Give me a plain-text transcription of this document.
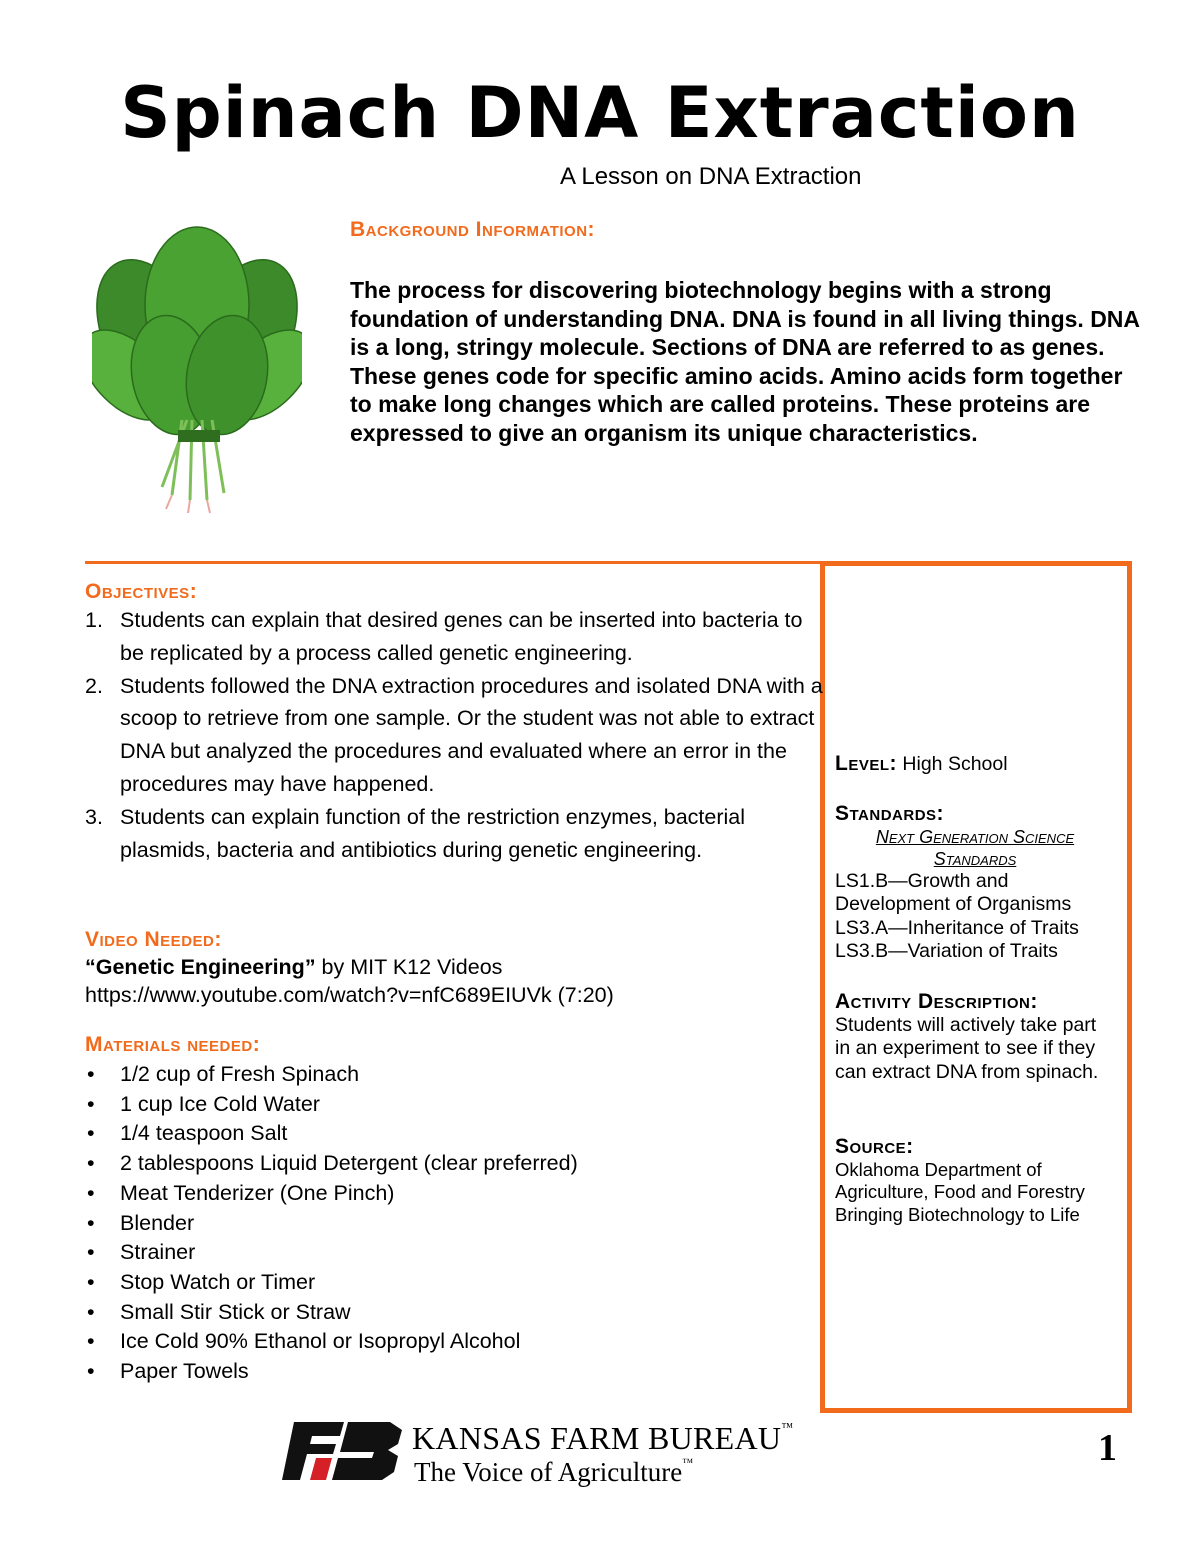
Spinach DNA Extraction
A Lesson on DNA Extraction
Background Information:
The process for discovering biotechnology begins with a strong foundation of understanding DNA. DNA is found in all living things. DNA is a long, stringy molecule. Sections of DNA are referred to as genes. These genes code for specific amino acids. Amino acids form together to make long changes which are called proteins. These proteins are expressed to give an organism its unique characteristics.
Objectives:
1. Students can explain that desired genes can be inserted into bacteria to be replicated by a process called genetic engineering.
2. Students followed the DNA extraction procedures and isolated DNA with a scoop to retrieve from one sample. Or the student was not able to extract DNA but analyzed the procedures and evaluated where an error in the procedures may have happened.
3. Students can explain function of the restriction enzymes, bacterial plasmids, bacteria and antibiotics during genetic engineering.
Video Needed:
“Genetic Engineering” by MIT K12 Videos
https://www.youtube.com/watch?v=nfC689EIUVk (7:20)
Materials needed:
• 1/2 cup of Fresh Spinach
• 1 cup Ice Cold Water
• 1/4 teaspoon Salt
• 2 tablespoons Liquid Detergent (clear preferred)
• Meat Tenderizer (One Pinch)
• Blender
• Strainer
• Stop Watch or Timer
• Small Stir Stick or Straw
• Ice Cold 90% Ethanol or Isopropyl Alcohol
• Paper Towels
Level: High School
Standards:
Next Generation Science
Standards
LS1.B—Growth and Development of Organisms
LS3.A—Inheritance of Traits
LS3.B—Variation of Traits
Activity Description:
Students will actively take part in an experiment to see if they can extract DNA from spinach.
Source:
Oklahoma Department of Agriculture, Food and Forestry
Bringing Biotechnology to Life
KANSAS FARM BUREAU™
The Voice of Agriculture™	1
